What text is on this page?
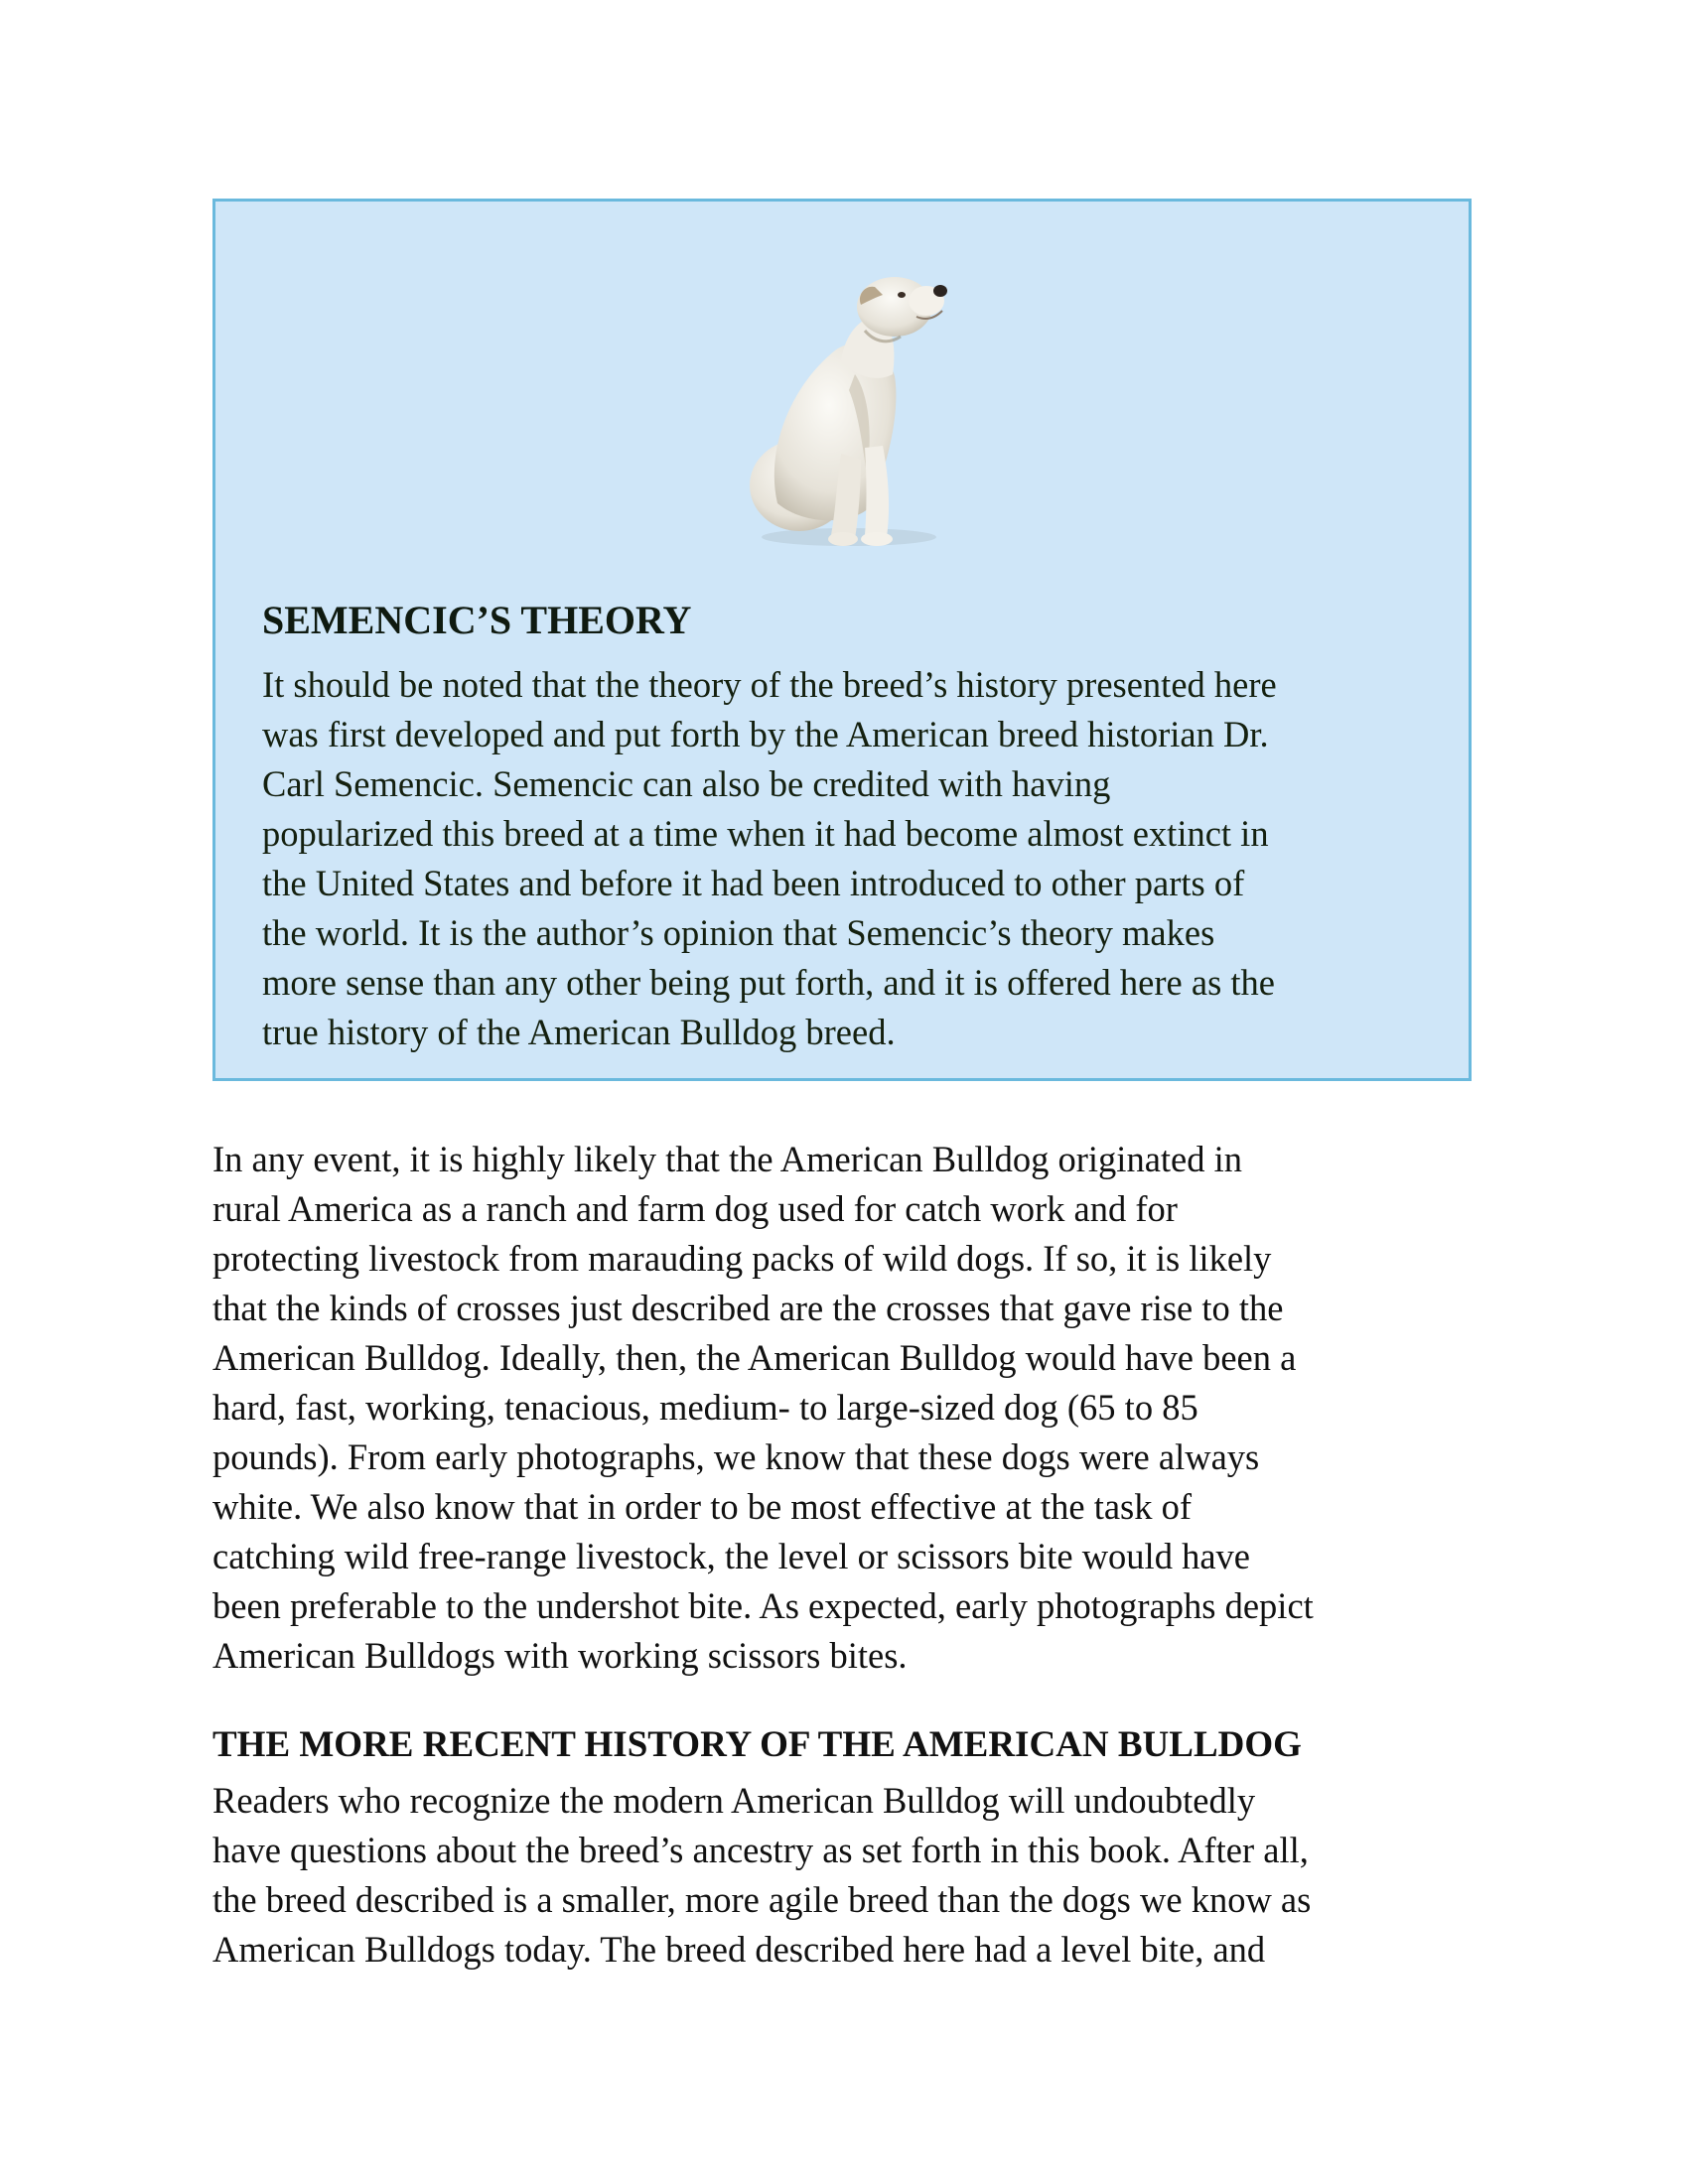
SEMENCIC’S THEORY

It should be noted that the theory of the breed’s history presented here
was first developed and put forth by the American breed historian Dr.
Carl Semencic. Semencic can also be credited with having
popularized this breed at a time when it had become almost extinct in
the United States and before it had been introduced to other parts of
the world. It is the author’s opinion that Semencic’s theory makes
more sense than any other being put forth, and it is offered here as the
true history of the American Bulldog breed.

In any event, it is highly likely that the American Bulldog originated in
rural America as a ranch and farm dog used for catch work and for
protecting livestock from marauding packs of wild dogs. If so, it is likely
that the kinds of crosses just described are the crosses that gave rise to the
American Bulldog. Ideally, then, the American Bulldog would have been a
hard, fast, working, tenacious, medium- to large-sized dog (65 to 85
pounds). From early photographs, we know that these dogs were always
white. We also know that in order to be most effective at the task of
catching wild free-range livestock, the level or scissors bite would have
been preferable to the undershot bite. As expected, early photographs depict
American Bulldogs with working scissors bites.

THE MORE RECENT HISTORY OF THE AMERICAN BULLDOG

Readers who recognize the modern American Bulldog will undoubtedly
have questions about the breed’s ancestry as set forth in this book. After all,
the breed described is a smaller, more agile breed than the dogs we know as
American Bulldogs today. The breed described here had a level bite, and
